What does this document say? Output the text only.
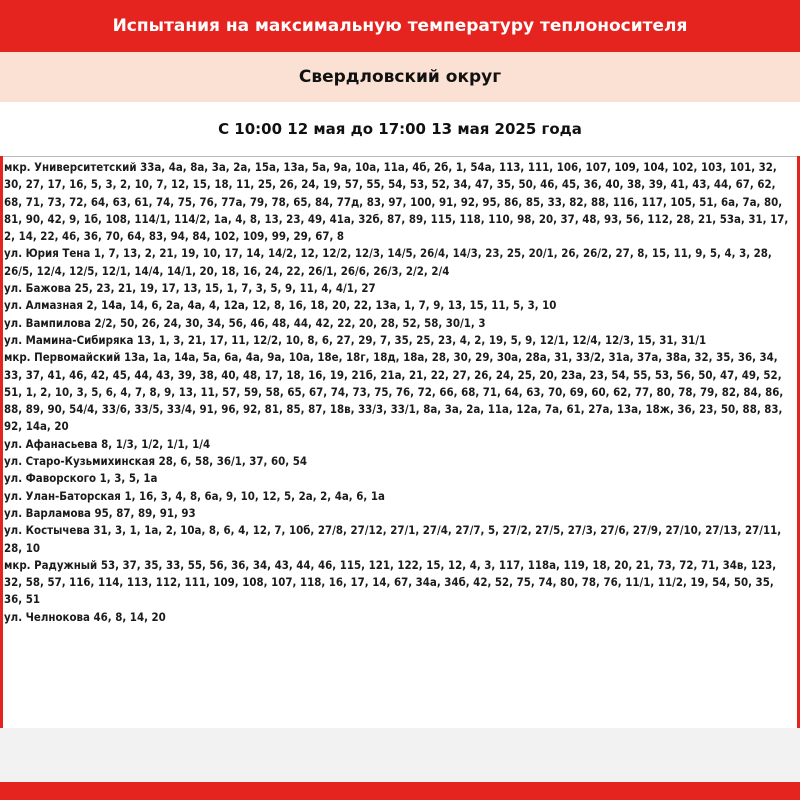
Испытания на максимальную температуру теплоносителя
Свердловский округ
С 10:00 12 мая до 17:00 13 мая 2025 года

мкр. Университетский 33а, 4а, 8а, 3а, 2а, 15а, 13а, 5а, 9а, 10а, 11а, 4б, 2б, 1, 54а, 113, 111, 106, 107, 109, 104, 102, 103, 101, 32, 30, 27, 17, 16, 5, 3, 2, 10, 7, 12, 15, 18, 11, 25, 26, 24, 19, 57, 55, 54, 53, 52, 34, 47, 35, 50, 46, 45, 36, 40, 38, 39, 41, 43, 44, 67, 62, 68, 71, 73, 72, 64, 63, 61, 74, 75, 76, 77а, 79, 78, 65, 84, 77д, 83, 97, 100, 91, 92, 95, 86, 85, 33, 82, 88, 116, 117, 105, 51, 6а, 7а, 80, 81, 90, 42, 9, 1б, 108, 114/1, 114/2, 1а, 4, 8, 13, 23, 49, 41а, 32б, 87, 89, 115, 118, 110, 98, 20, 37, 48, 93, 56, 112, 28, 21, 53а, 31, 17, 2, 14, 22, 46, 36, 70, 64, 83, 94, 84, 102, 109, 99, 29, 67, 8

ул. Юрия Тена 1, 7, 13, 2, 21, 19, 10, 17, 14, 14/2, 12, 12/2, 12/3, 14/5, 26/4, 14/3, 23, 25, 20/1, 26, 26/2, 27, 8, 15, 11, 9, 5, 4, 3, 28, 26/5, 12/4, 12/5, 12/1, 14/4, 14/1, 20, 18, 16, 24, 22, 26/1, 26/6, 26/3, 2/2, 2/4

ул. Бажова 25, 23, 21, 19, 17, 13, 15, 1, 7, 3, 5, 9, 11, 4, 4/1, 27

ул. Алмазная 2, 14а, 14, 6, 2а, 4а, 4, 12а, 12, 8, 16, 18, 20, 22, 13а, 1, 7, 9, 13, 15, 11, 5, 3, 10

ул. Вампилова 2/2, 50, 26, 24, 30, 34, 56, 46, 48, 44, 42, 22, 20, 28, 52, 58, 30/1, 3

ул. Мамина-Сибиряка 13, 1, 3, 21, 17, 11, 12/2, 10, 8, 6, 27, 29, 7, 35, 25, 23, 4, 2, 19, 5, 9, 12/1, 12/4, 12/3, 15, 31, 31/1

мкр. Первомайский 13а, 1а, 14а, 5а, 6а, 4а, 9а, 10а, 18е, 18г, 18д, 18а, 28, 30, 29, 30а, 28а, 31, 33/2, 31а, 37а, 38а, 32, 35, 36, 34, 33, 37, 41, 46, 42, 45, 44, 43, 39, 38, 40, 48, 17, 18, 16, 19, 21б, 21а, 21, 22, 27, 26, 24, 25, 20, 23а, 23, 54, 55, 53, 56, 50, 47, 49, 52, 51, 1, 2, 10, 3, 5, 6, 4, 7, 8, 9, 13, 11, 57, 59, 58, 65, 67, 74, 73, 75, 76, 72, 66, 68, 71, 64, 63, 70, 69, 60, 62, 77, 80, 78, 79, 82, 84, 86, 88, 89, 90, 54/4, 33/6, 33/5, 33/4, 91, 96, 92, 81, 85, 87, 18в, 33/3, 33/1, 8а, 3а, 2а, 11а, 12а, 7а, 61, 27а, 13а, 18ж, 36, 23, 50, 88, 83, 92, 14а, 20

ул. Афанасьева 8, 1/3, 1/2, 1/1, 1/4

ул. Старо-Кузьмихинская 28, 6, 58, 36/1, 37, 60, 54

ул. Фаворского 1, 3, 5, 1а

ул. Улан-Баторская 1, 16, 3, 4, 8, 6а, 9, 10, 12, 5, 2а, 2, 4а, 6, 1а

ул. Варламова 95, 87, 89, 91, 93

ул. Костычева 31, 3, 1, 1а, 2, 10а, 8, 6, 4, 12, 7, 10б, 27/8, 27/12, 27/1, 27/4, 27/7, 5, 27/2, 27/5, 27/3, 27/6, 27/9, 27/10, 27/13, 27/11, 28, 10

мкр. Радужный 53, 37, 35, 33, 55, 56, 36, 34, 43, 44, 46, 115, 121, 122, 15, 12, 4, 3, 117, 118а, 119, 18, 20, 21, 73, 72, 71, 34в, 123, 32, 58, 57, 116, 114, 113, 112, 111, 109, 108, 107, 118, 16, 17, 14, 67, 34а, 34б, 42, 52, 75, 74, 80, 78, 76, 11/1, 11/2, 19, 54, 50, 35, 36, 51

ул. Челнокова 46, 8, 14, 20
